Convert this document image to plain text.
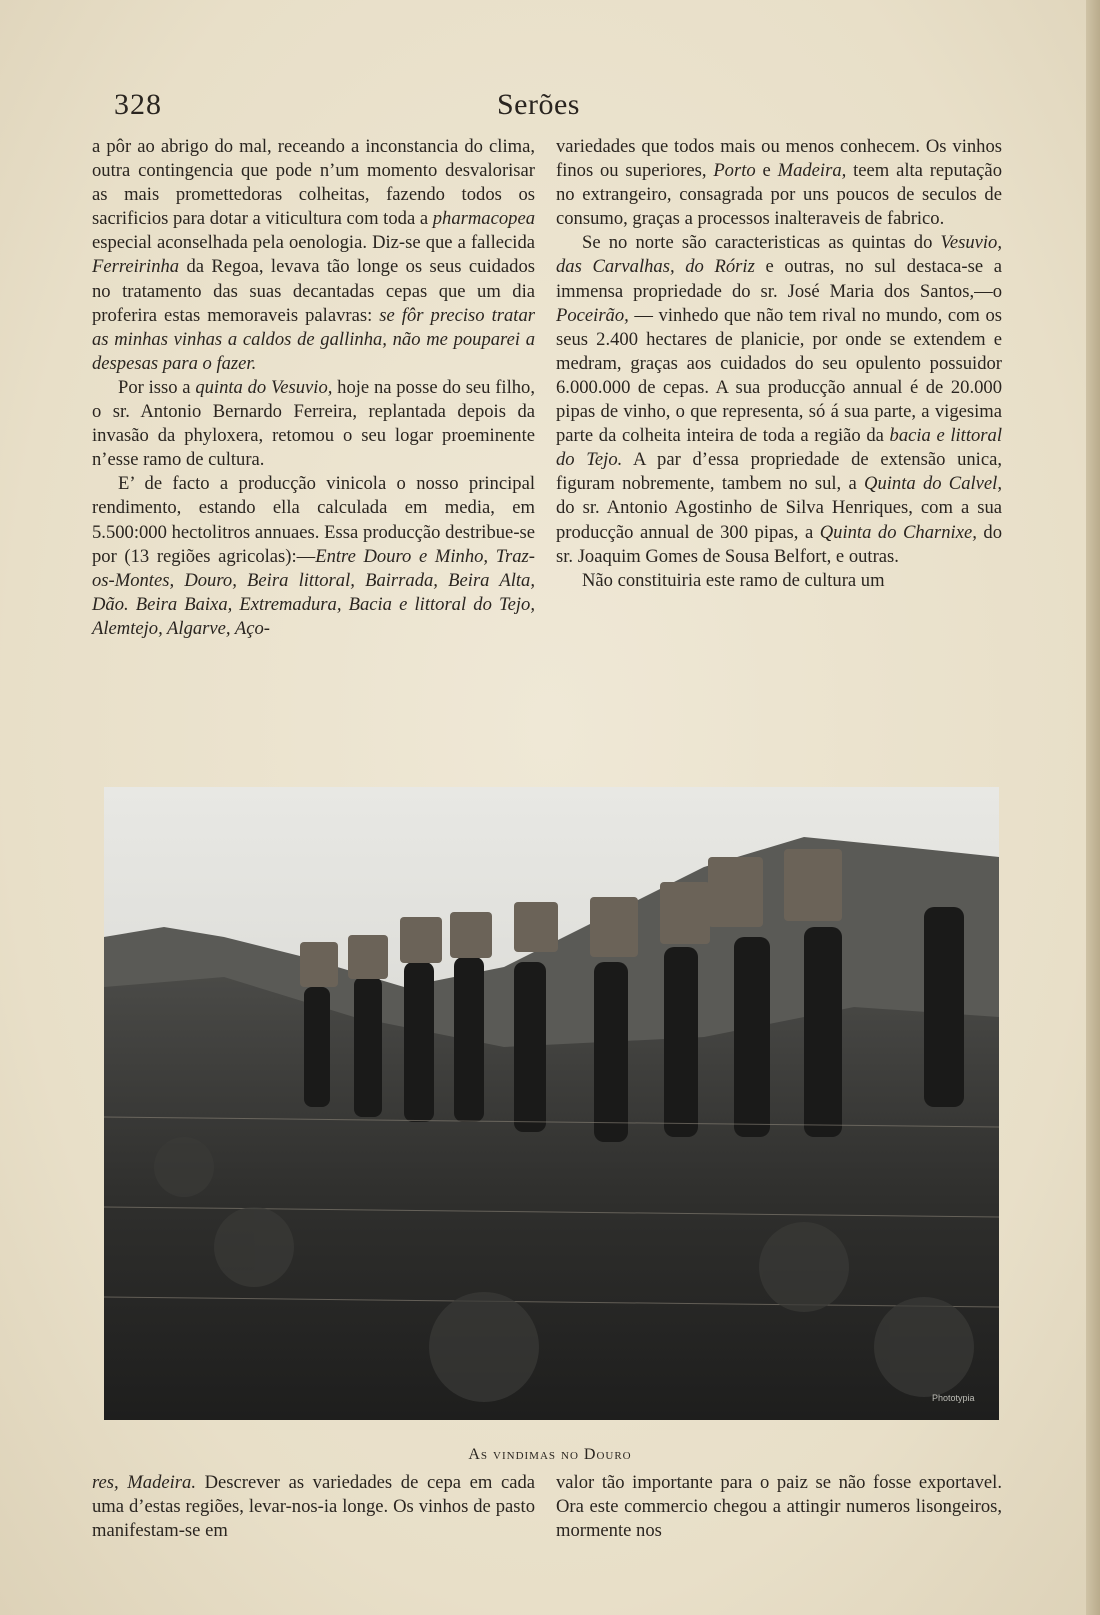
328	Serões

a pôr ao abrigo do mal, receando a inconstancia do clima, outra contingencia que pode n’um momento desvalorisar as mais promettedoras colheitas, fazendo todos os sacrificios para dotar a viticultura com toda a pharmacopea especial aconselhada pela oenologia. Diz-se que a fallecida Ferreirinha da Regoa, levava tão longe os seus cuidados no tratamento das suas decantadas cepas que um dia proferira estas memoraveis palavras: se fôr preciso tratar as minhas vinhas a caldos de gallinha, não me pouparei a despesas para o fazer.

Por isso a quinta do Vesuvio, hoje na posse do seu filho, o sr. Antonio Bernardo Ferreira, replantada depois da invasão da phyloxera, retomou o seu logar proeminente n’esse ramo de cultura.

E’ de facto a producção vinicola o nosso principal rendimento, estando ella calculada em media, em 5.500:000 hectolitros annuaes. Essa producção destribue-se por (13 regiões agricolas):—Entre Douro e Minho, Traz-os-Montes, Douro, Beira littoral, Bairrada, Beira Alta, Dão. Beira Baixa, Extremadura, Bacia e littoral do Tejo, Alemtejo, Algarve, Aço-

variedades que todos mais ou menos conhecem. Os vinhos finos ou superiores, Porto e Madeira, teem alta reputação no extrangeiro, consagrada por uns poucos de seculos de consumo, graças a processos inalteraveis de fabrico.

Se no norte são caracteristicas as quintas do Vesuvio, das Carvalhas, do Róriz e outras, no sul destaca-se a immensa propriedade do sr. José Maria dos Santos,—o Poceirão, — vinhedo que não tem rival no mundo, com os seus 2.400 hectares de planicie, por onde se extendem e medram, graças aos cuidados do seu opulento possuidor 6.000.000 de cepas. A sua producção annual é de 20.000 pipas de vinho, o que representa, só á sua parte, a vigesima parte da colheita inteira de toda a região da bacia e littoral do Tejo. A par d’essa propriedade de extensão unica, figuram nobremente, tambem no sul, a Quinta do Calvel, do sr. Antonio Agostinho de Silva Henriques, com a sua producção annual de 300 pipas, a Quinta do Charnixe, do sr. Joaquim Gomes de Sousa Belfort, e outras.

Não constituiria este ramo de cultura um

Phototypia
As vindimas no Douro

res, Madeira. Descrever as variedades de cepa em cada uma d’estas regiões, levar-nos-ia longe. Os vinhos de pasto manifestam-se em

valor tão importante para o paiz se não fosse exportavel. Ora este commercio chegou a attingir numeros lisongeiros, mormente nos
